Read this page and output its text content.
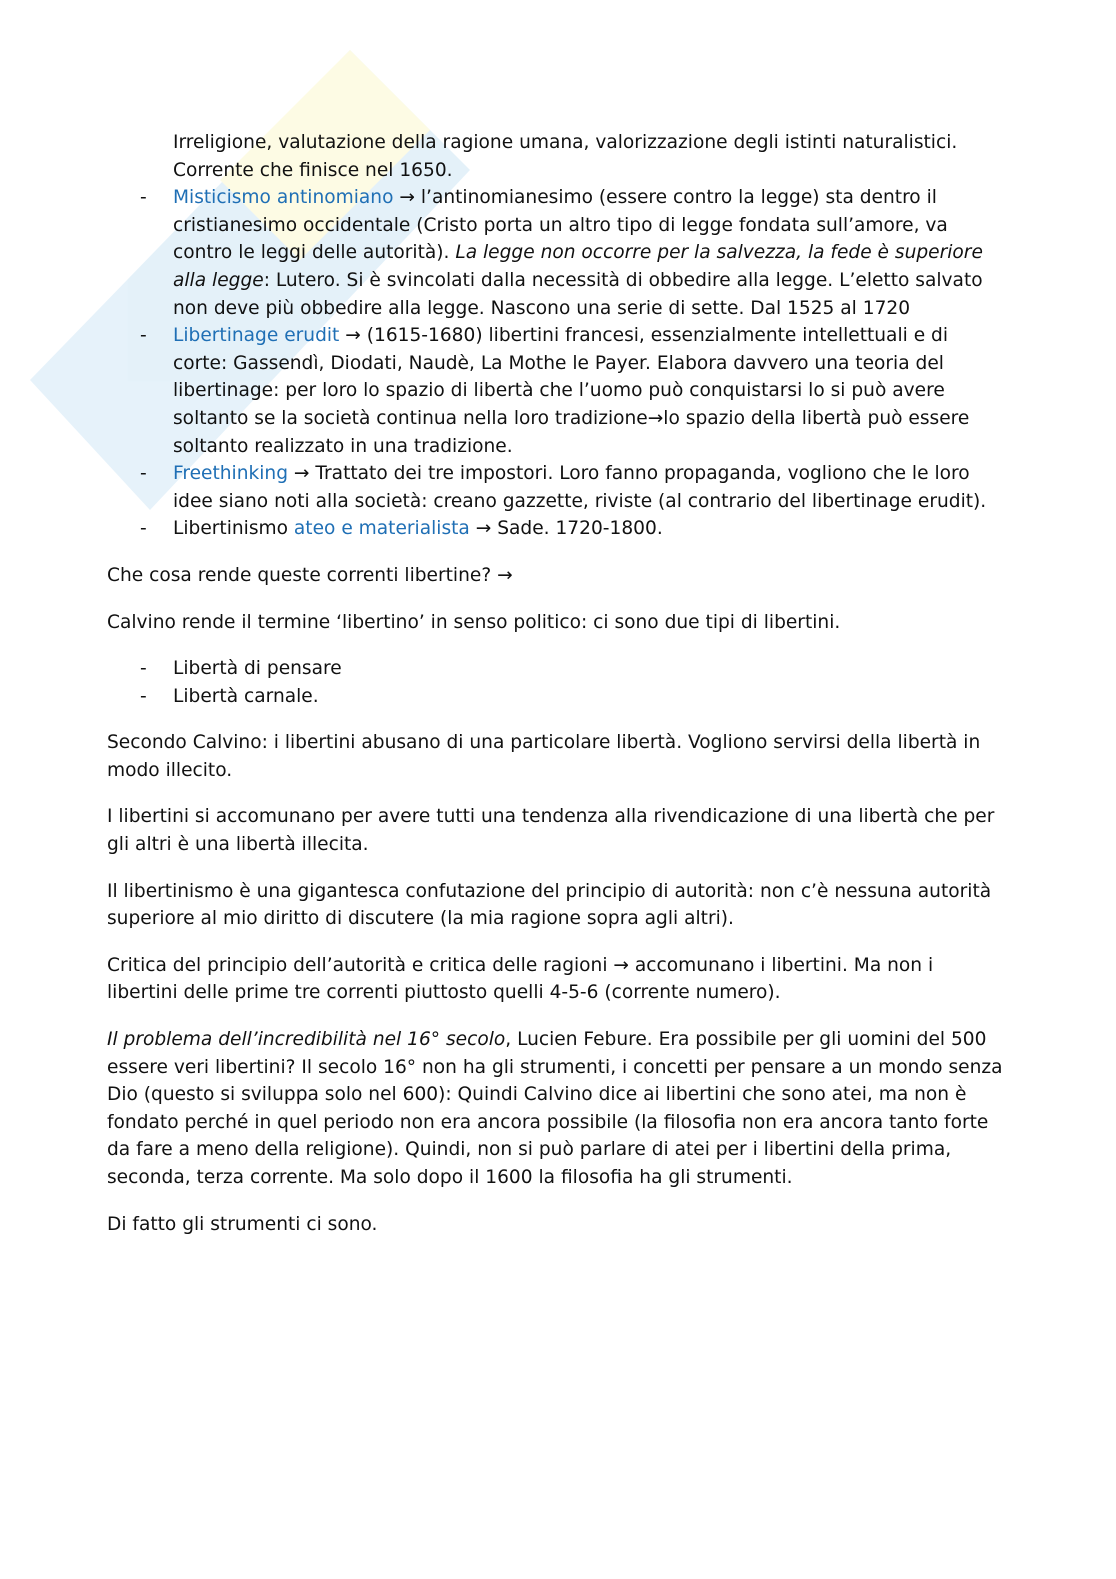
Irreligione, valutazione della ragione umana, valorizzazione degli istinti naturalistici. Corrente che finisce nel 1650.
- Misticismo antinomiano → l’antinomianesimo (essere contro la legge) sta dentro il cristianesimo occidentale (Cristo porta un altro tipo di legge fondata sull’amore, va contro le leggi delle autorità). La legge non occorre per la salvezza, la fede è superiore alla legge: Lutero. Si è svincolati dalla necessità di obbedire alla legge. L’eletto salvato non deve più obbedire alla legge. Nascono una serie di sette. Dal 1525 al 1720
- Libertinage erudit → (1615-1680) libertini francesi, essenzialmente intellettuali e di corte: Gassendì, Diodati, Naudè, La Mothe le Payer. Elabora davvero una teoria del libertinage: per loro lo spazio di libertà che l’uomo può conquistarsi lo si può avere soltanto se la società continua nella loro tradizione→lo spazio della libertà può essere soltanto realizzato in una tradizione.
- Freethinking → Trattato dei tre impostori. Loro fanno propaganda, vogliono che le loro idee siano noti alla società: creano gazzette, riviste (al contrario del libertinage erudit).
- Libertinismo ateo e materialista → Sade. 1720-1800.

Che cosa rende queste correnti libertine? →

Calvino rende il termine ‘libertino’ in senso politico: ci sono due tipi di libertini.

- Libertà di pensare
- Libertà carnale.

Secondo Calvino: i libertini abusano di una particolare libertà. Vogliono servirsi della libertà in modo illecito.

I libertini si accomunano per avere tutti una tendenza alla rivendicazione di una libertà che per gli altri è una libertà illecita.

Il libertinismo è una gigantesca confutazione del principio di autorità: non c’è nessuna autorità superiore al mio diritto di discutere (la mia ragione sopra agli altri).

Critica del principio dell’autorità e critica delle ragioni → accomunano i libertini. Ma non i libertini delle prime tre correnti piuttosto quelli 4-5-6 (corrente numero).

Il problema dell’incredibilità nel 16° secolo, Lucien Febure. Era possibile per gli uomini del 500 essere veri libertini? Il secolo 16° non ha gli strumenti, i concetti per pensare a un mondo senza Dio (questo si sviluppa solo nel 600): Quindi Calvino dice ai libertini che sono atei, ma non è fondato perché in quel periodo non era ancora possibile (la filosofia non era ancora tanto forte da fare a meno della religione). Quindi, non si può parlare di atei per i libertini della prima, seconda, terza corrente. Ma solo dopo il 1600 la filosofia ha gli strumenti.

Di fatto gli strumenti ci sono.
